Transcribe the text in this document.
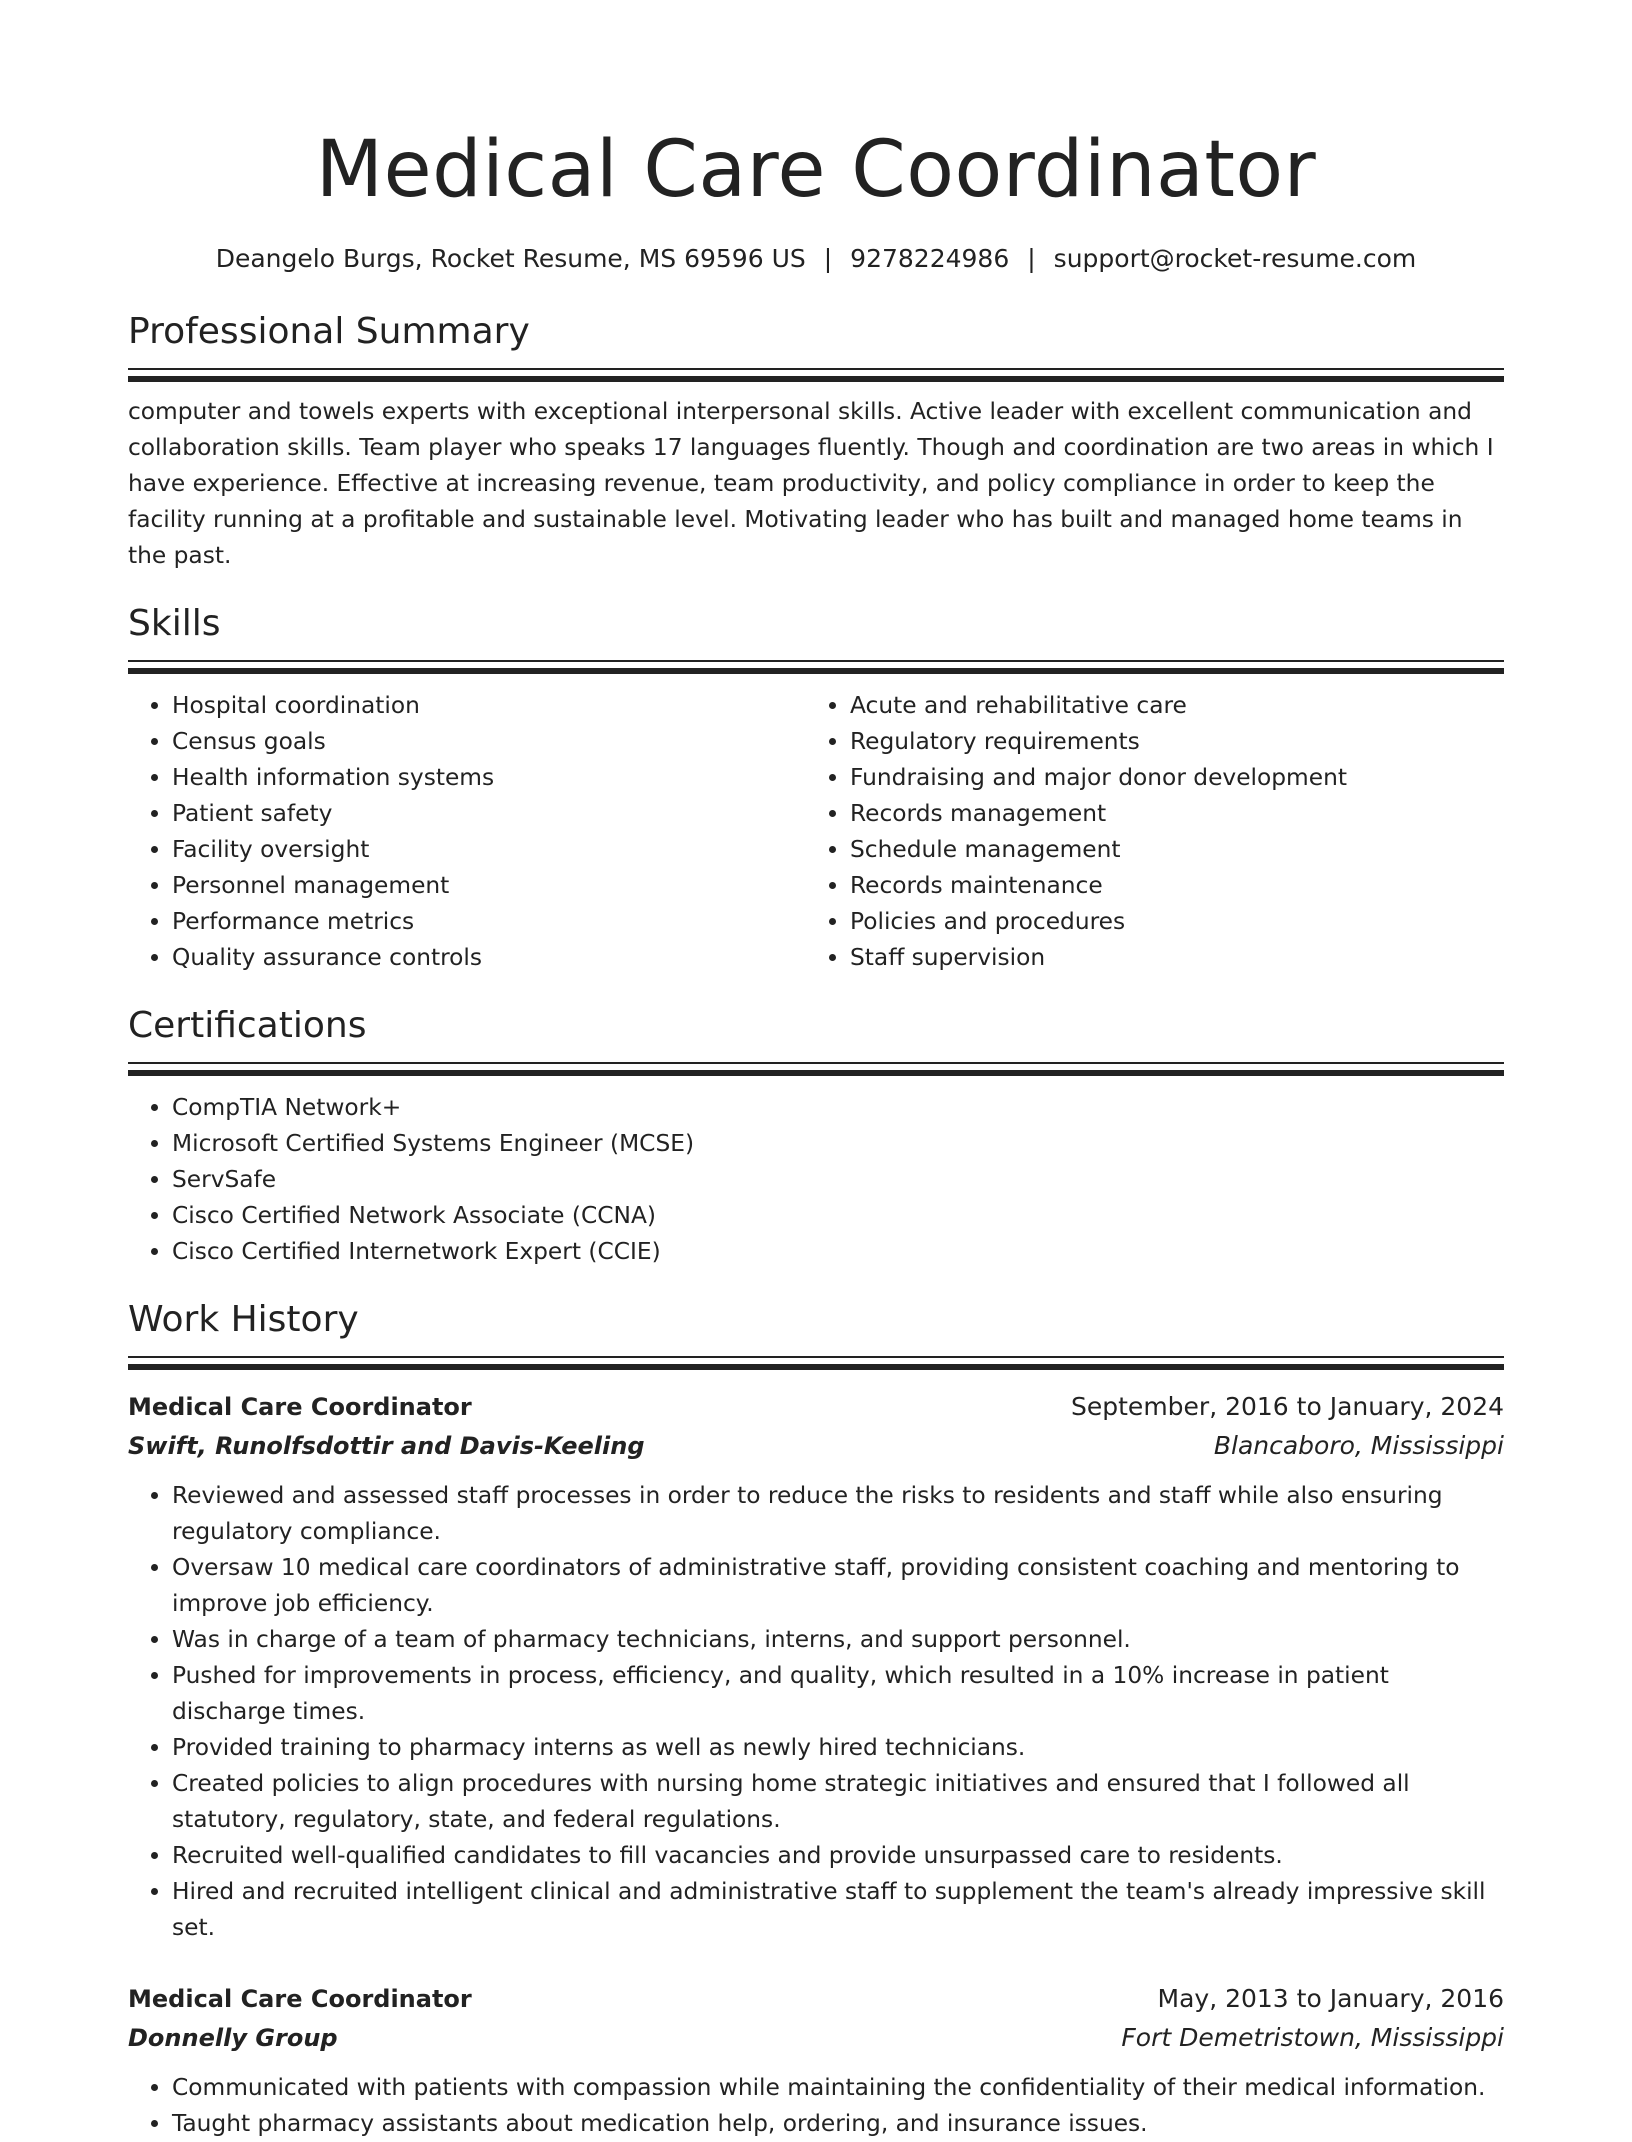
Medical Care Coordinator
Deangelo Burgs, Rocket Resume, MS 69596 US | 9278224986 | support@rocket-resume.com
Professional Summary

computer and towels experts with exceptional interpersonal skills. Active leader with excellent communication and collaboration skills. Team player who speaks 17 languages fluently. Though and coordination are two areas in which I have experience. Effective at increasing revenue, team productivity, and policy compliance in order to keep the facility running at a profitable and sustainable level. Motivating leader who has built and managed home teams in the past.

Skills
• Hospital coordination
• Census goals
• Health information systems
• Patient safety
• Facility oversight
• Personnel management
• Performance metrics
• Quality assurance controls
• Acute and rehabilitative care
• Regulatory requirements
• Fundraising and major donor development
• Records management
• Schedule management
• Records maintenance
• Policies and procedures
• Staff supervision
Certifications
• CompTIA Network+
• Microsoft Certified Systems Engineer (MCSE)
• ServSafe
• Cisco Certified Network Associate (CCNA)
• Cisco Certified Internetwork Expert (CCIE)
Work History
Medical Care Coordinator	September, 2016 to January, 2024
Swift, Runolfsdottir and Davis-Keeling	Blancaboro, Mississippi
• Reviewed and assessed staff processes in order to reduce the risks to residents and staff while also ensuring regulatory compliance.
• Oversaw 10 medical care coordinators of administrative staff, providing consistent coaching and mentoring to improve job efficiency.
• Was in charge of a team of pharmacy technicians, interns, and support personnel.
• Pushed for improvements in process, efficiency, and quality, which resulted in a 10% increase in patient discharge times.
• Provided training to pharmacy interns as well as newly hired technicians.
• Created policies to align procedures with nursing home strategic initiatives and ensured that I followed all statutory, regulatory, state, and federal regulations.
• Recruited well-qualified candidates to fill vacancies and provide unsurpassed care to residents.
• Hired and recruited intelligent clinical and administrative staff to supplement the team's already impressive skill set.
Medical Care Coordinator	May, 2013 to January, 2016
Donnelly Group	Fort Demetristown, Mississippi
• Communicated with patients with compassion while maintaining the confidentiality of their medical information.
• Taught pharmacy assistants about medication help, ordering, and insurance issues.
